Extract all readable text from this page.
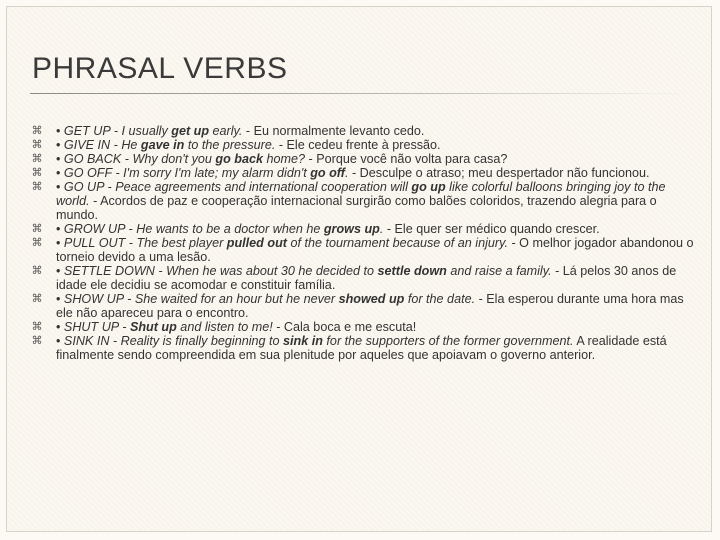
PHRASAL VERBS
⌘ • GET UP - I usually get up early. - Eu normalmente levanto cedo.
⌘ • GIVE IN - He gave in to the pressure. - Ele cedeu frente à pressão.
⌘ • GO BACK - Why don't you go back home? - Porque você não volta para casa?
⌘ • GO OFF - I'm sorry I'm late; my alarm didn't go off. - Desculpe o atraso; meu despertador não funcionou.
⌘ • GO UP - Peace agreements and international cooperation will go up like colorful balloons bringing joy to the world. - Acordos de paz e cooperação internacional surgirão como balões coloridos, trazendo alegria para o mundo.
⌘ • GROW UP - He wants to be a doctor when he grows up. - Ele quer ser médico quando crescer.
⌘ • PULL OUT - The best player pulled out of the tournament because of an injury. - O melhor jogador abandonou o torneio devido a uma lesão.
⌘ • SETTLE DOWN - When he was about 30 he decided to settle down and raise a family. - Lá pelos 30 anos de idade ele decidiu se acomodar e constituir família.
⌘ • SHOW UP - She waited for an hour but he never showed up for the date. - Ela esperou durante uma hora mas ele não apareceu para o encontro.
⌘ • SHUT UP - Shut up and listen to me! - Cala boca e me escuta!
⌘ • SINK IN - Reality is finally beginning to sink in for the supporters of the former government. A realidade está finalmente sendo compreendida em sua plenitude por aqueles que apoiavam o governo anterior.
